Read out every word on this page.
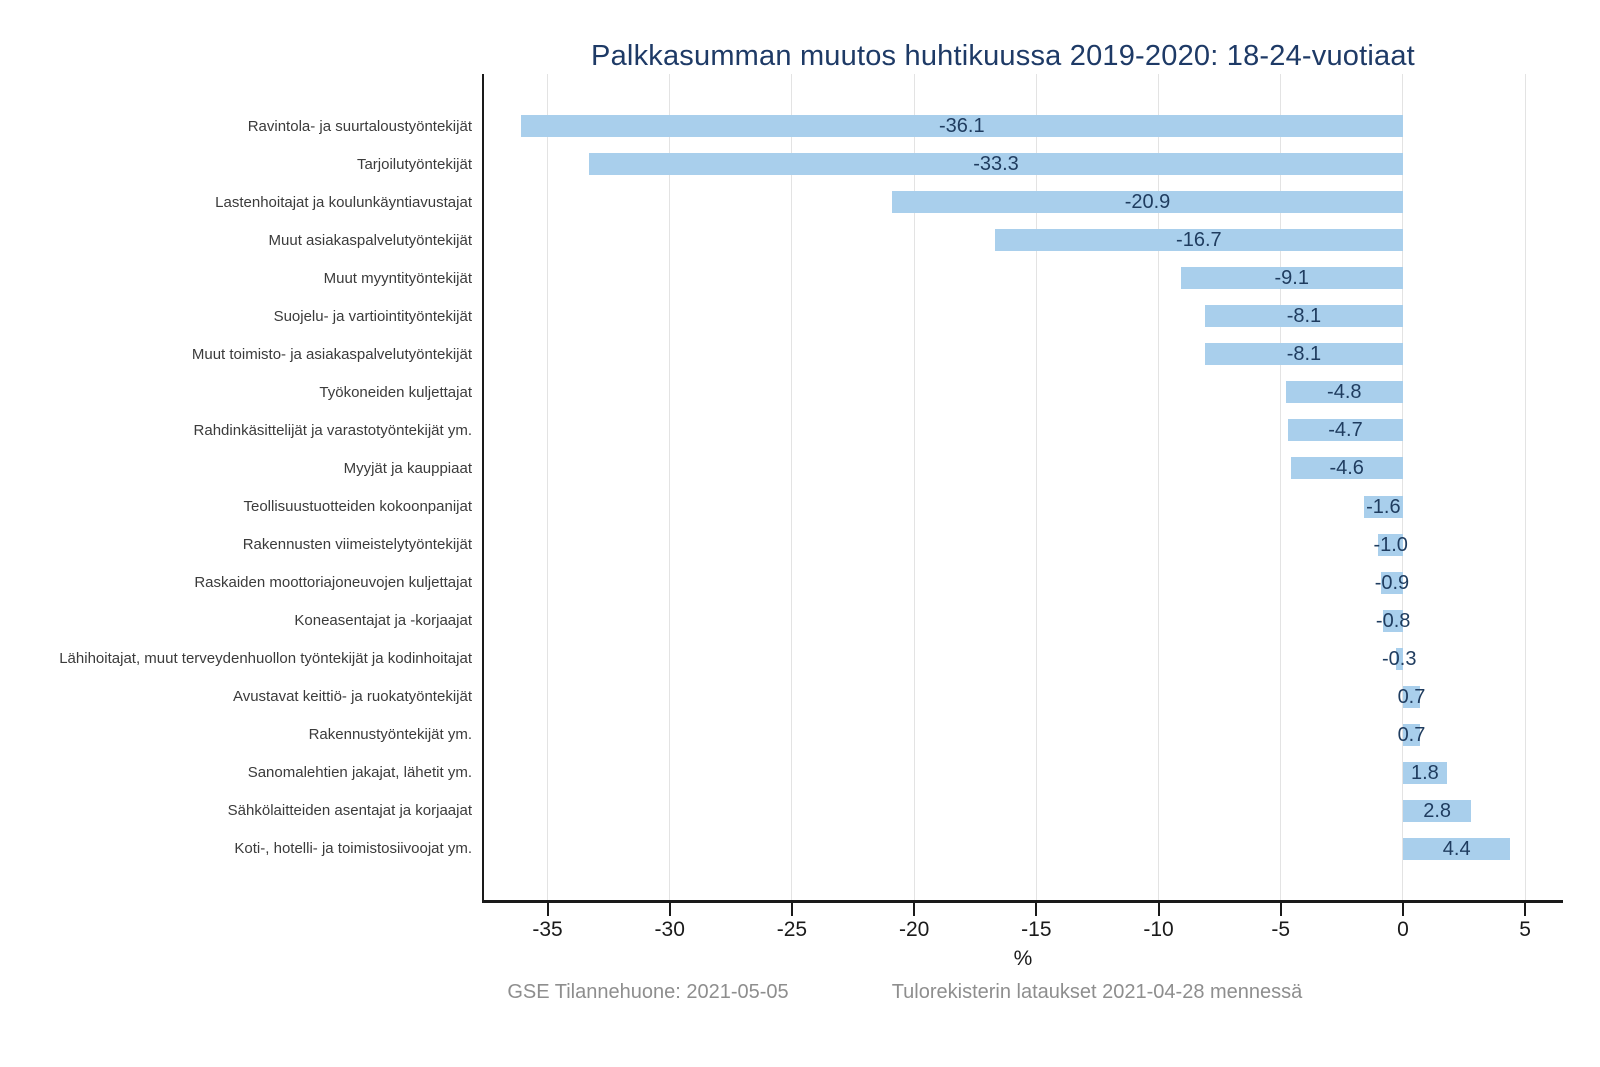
Palkkasumman muutos huhtikuussa 2019-2020: 18-24-vuotiaat
Ravintola- ja suurtaloustyöntekijät	-36.1
Tarjoilutyöntekijät	-33.3
Lastenhoitajat ja koulunkäyntiavustajat	-20.9
Muut asiakaspalvelutyöntekijät	-16.7
Muut myyntityöntekijät	-9.1
Suojelu- ja vartiointityöntekijät	-8.1
Muut toimisto- ja asiakaspalvelutyöntekijät	-8.1
Työkoneiden kuljettajat	-4.8
Rahdinkäsittelijät ja varastotyöntekijät ym.	-4.7
Myyjät ja kauppiaat	-4.6
Teollisuustuotteiden kokoonpanijat	-1.6
Rakennusten viimeistelytyöntekijät	-1.0
Raskaiden moottoriajoneuvojen kuljettajat	-0.9
Koneasentajat ja -korjaajat	-0.8
Lähihoitajat, muut terveydenhuollon työntekijät ja kodinhoitajat	-0.3
Avustavat keittiö- ja ruokatyöntekijät	0.7
Rakennustyöntekijät ym.	0.7
Sanomalehtien jakajat, lähetit ym.	1.8
Sähkölaitteiden asentajat ja korjaajat	2.8
Koti-, hotelli- ja toimistosiivoojat ym.	4.4
-35	-30	-25	-20	-15	-10	-5	0	5
%
GSE Tilannehuone: 2021-05-05	Tulorekisterin lataukset 2021-04-28 mennessä
